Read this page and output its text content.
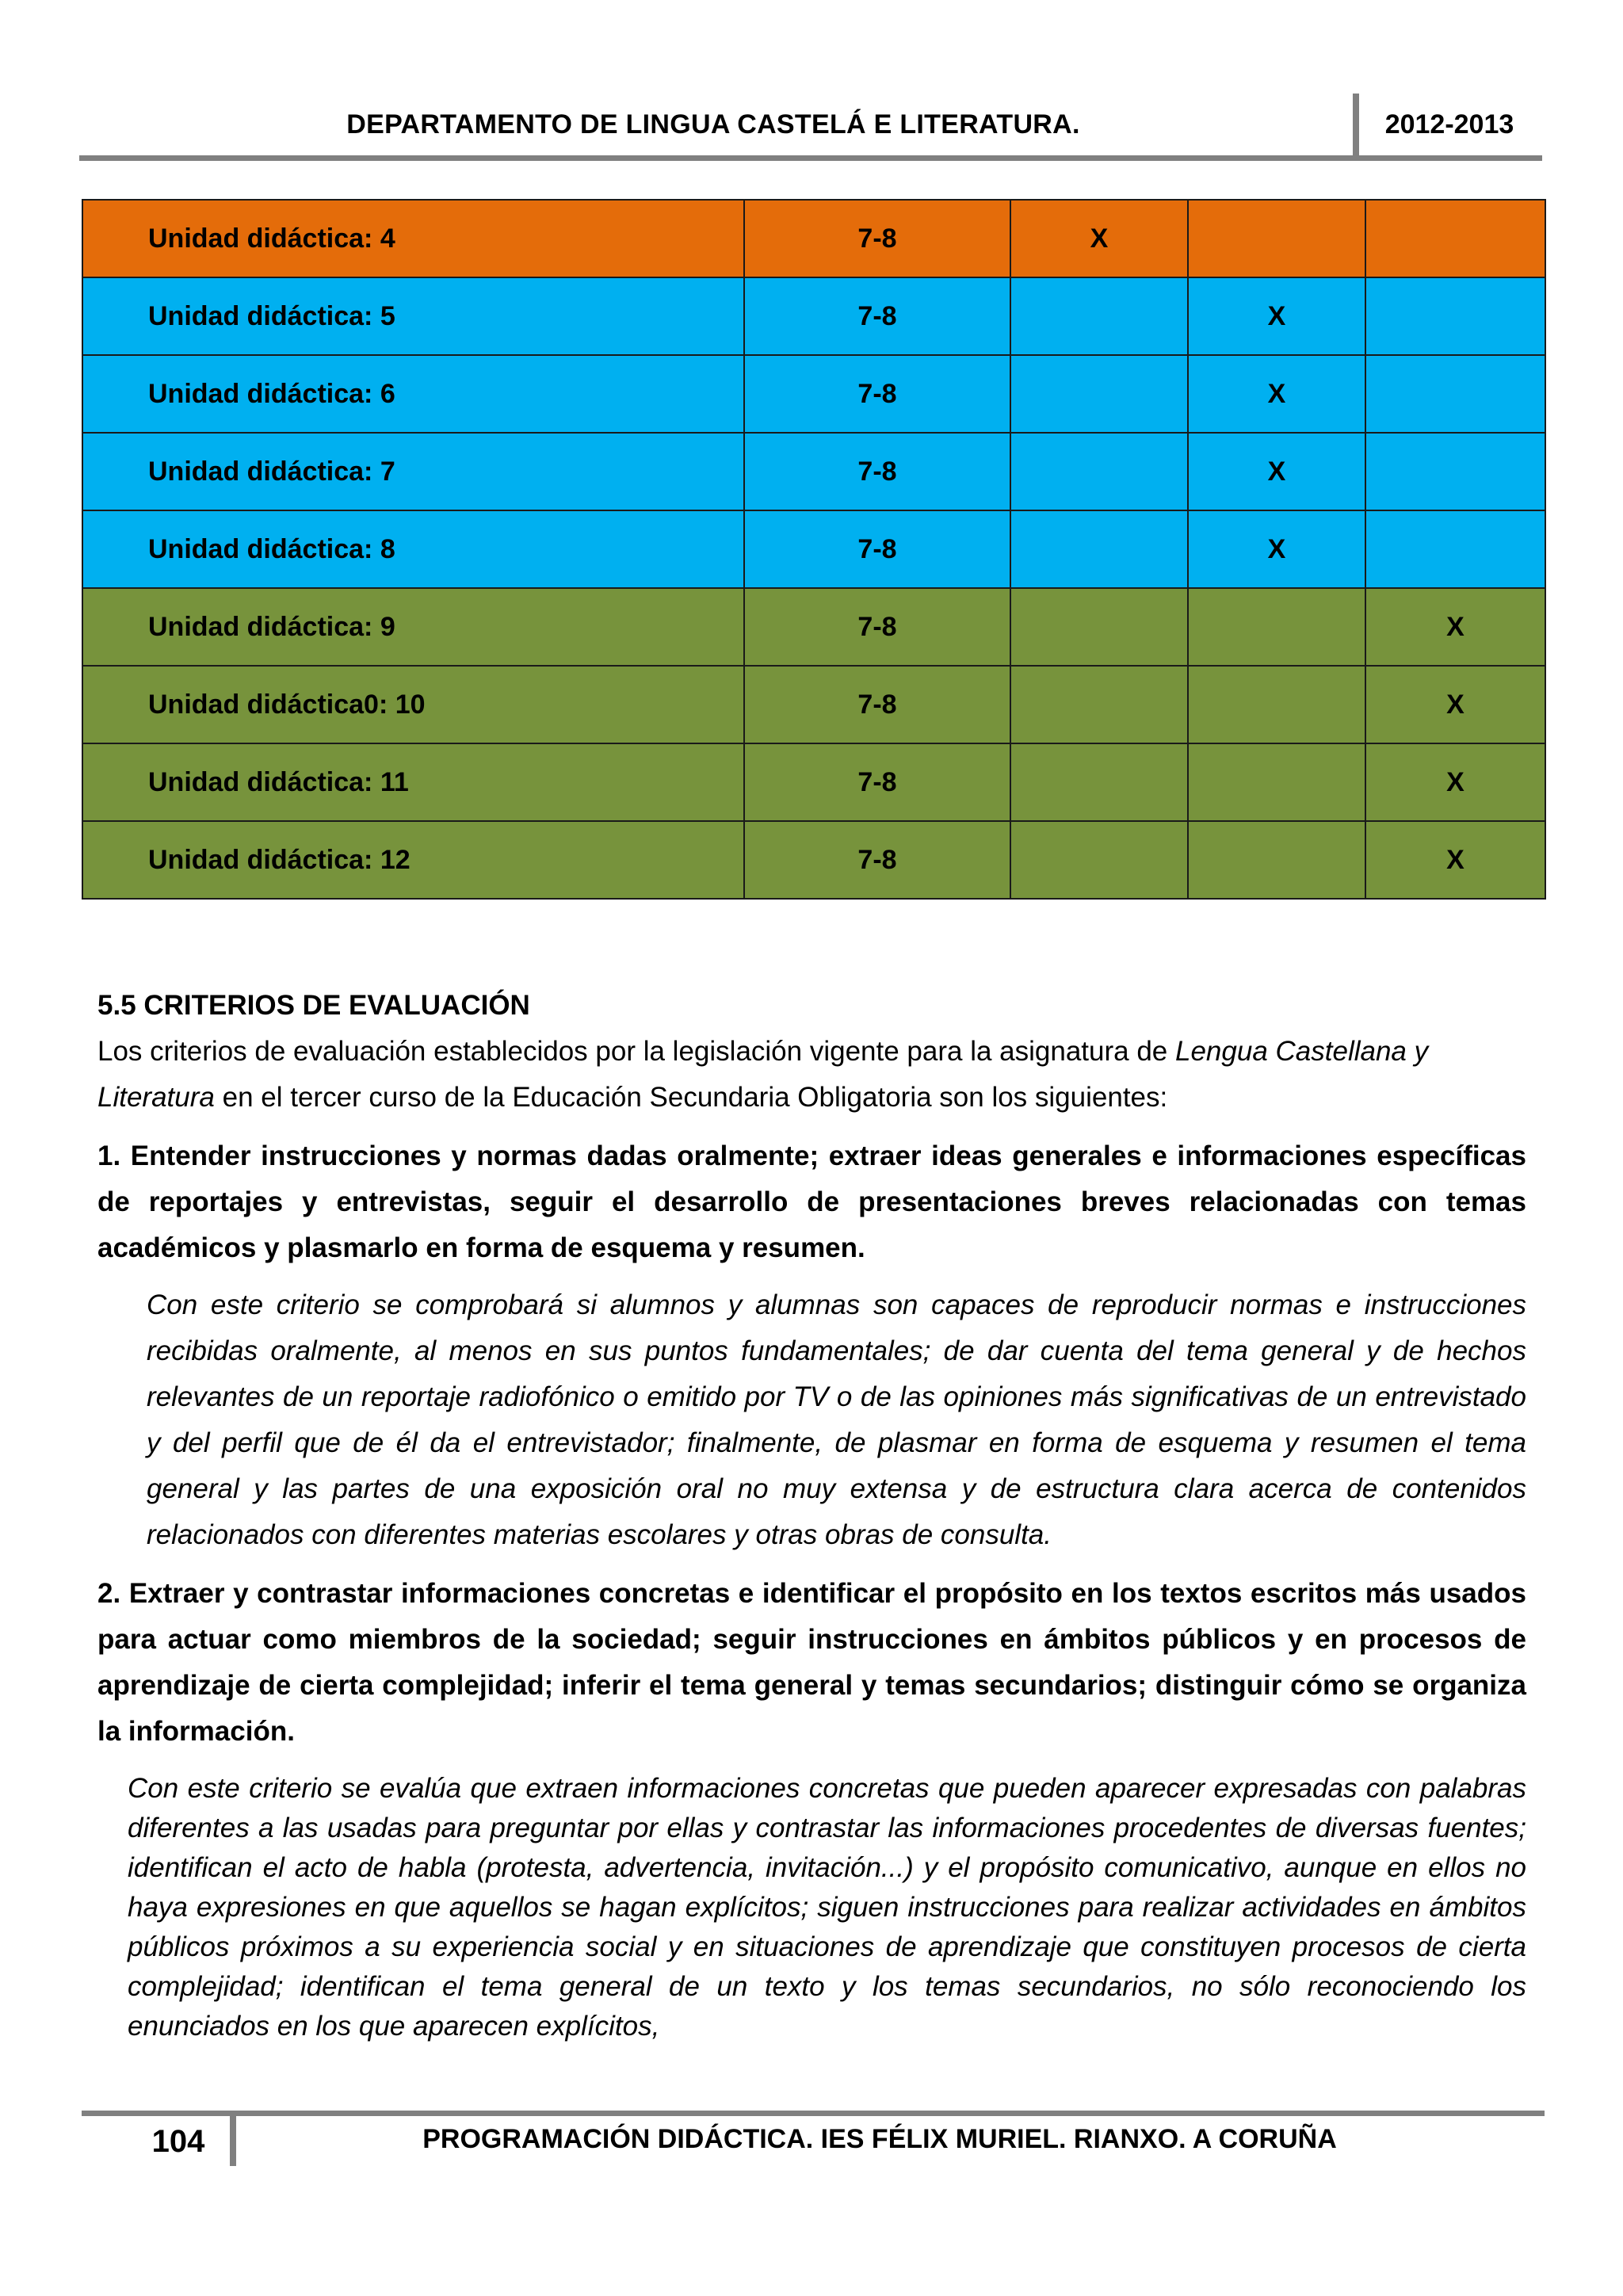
DEPARTAMENTO DE LINGUA CASTELÁ E LITERATURA.	2012-2013
Unidad didáctica: 4	7-8	X		
Unidad didáctica: 5	7-8		X	
Unidad didáctica: 6	7-8		X	
Unidad didáctica: 7	7-8		X	
Unidad didáctica: 8	7-8		X	
Unidad didáctica: 9	7-8			X
Unidad didáctica0: 10	7-8			X
Unidad didáctica: 11	7-8			X
Unidad didáctica: 12	7-8			X
5.5 CRITERIOS DE EVALUACIÓN

Los criterios de evaluación establecidos por la legislación vigente para la asignatura de Lengua Castellana y Literatura en el tercer curso de la Educación Secundaria Obligatoria son los siguientes:

1. Entender instrucciones y normas dadas oralmente; extraer ideas generales e informaciones específicas de reportajes y entrevistas, seguir el desarrollo de presentaciones breves relacionadas con temas académicos y plasmarlo en forma de esquema y resumen.

Con este criterio se comprobará si alumnos y alumnas son capaces de reproducir normas e instrucciones recibidas oralmente, al menos en sus puntos fundamentales; de dar cuenta del tema general y de hechos relevantes de un reportaje radiofónico o emitido por TV o de las opiniones más significativas de un entrevistado y del perfil que de él da el entrevistador; finalmente, de plasmar en forma de esquema y resumen el tema general y las partes de una exposición oral no muy extensa y de estructura clara acerca de contenidos relacionados con diferentes materias escolares y otras obras de consulta.

2. Extraer y contrastar informaciones concretas e identificar el propósito en los textos escritos más usados para actuar como miembros de la sociedad; seguir instrucciones en ámbitos públicos y en procesos de aprendizaje de cierta complejidad; inferir el tema general y temas secundarios; distinguir cómo se organiza la información.

Con este criterio se evalúa que extraen informaciones concretas que pueden aparecer expresadas con palabras diferentes a las usadas para preguntar por ellas y contrastar las informaciones procedentes de diversas fuentes; identifican el acto de habla (protesta, advertencia, invitación...) y el propósito comunicativo, aunque en ellos no haya expresiones en que aquellos se hagan explícitos; siguen instrucciones para realizar actividades en ámbitos públicos próximos a su experiencia social y en situaciones de aprendizaje que constituyen procesos de cierta complejidad; identifican el tema general de un texto y los temas secundarios, no sólo reconociendo los enunciados en los que aparecen explícitos,

104	PROGRAMACIÓN DIDÁCTICA. IES FÉLIX MURIEL. RIANXO. A CORUÑA
